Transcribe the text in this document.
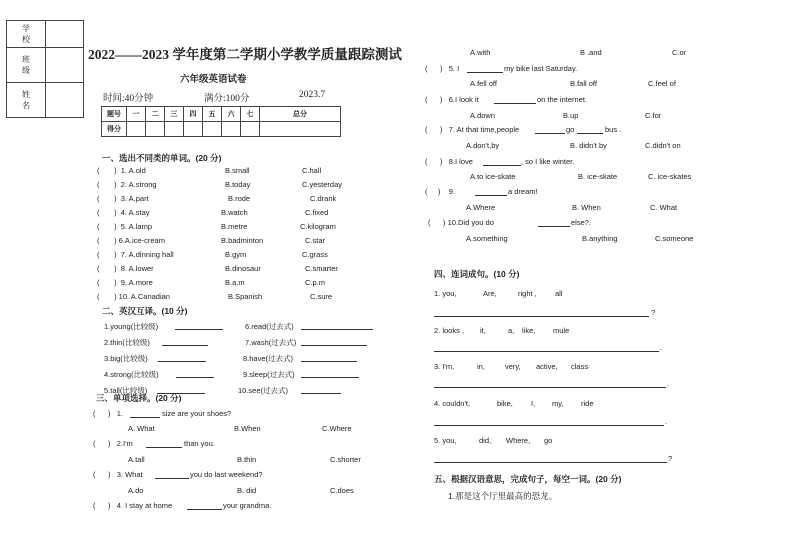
学 校	
班 级	
姓 名	
2022——2023 学年度第二学期小学教学质量跟踪测试
六年级英语试卷
时间:40分钟	满分:100分	2023.7
题号	一	二	三	四	五	六	七	总分
得分								
一、选出不同类的单词。(20 分)
(       )  1. A.old	B.small	C.hall
(       )  2. A.strong	B.today	C.yesterday
(       )  3. A.part	B.rode	C.drank
(       )  4. A.stay	B.watch	C.fixed
(       )  5. A.lamp	B.metre	C.kilogram
(       ) 6.A.ice-cream	B.badminton	C.star
(       )  7. A.dinning hall	B.gym	C.grass
(       )  8. A.lower	B.dinosaur	C.smarter
(       )  9. A.more	B.a.m	C.p.m
(       ) 10. A.Canadian	B.Spanish	C.sure
二、英汉互译。(10 分)
1.young(比较级)
2.thin(比较级)
3.big(比较级)
4.strong(比较级)
5.tall(比较级)
6.read(过去式)
7.wash(过去式)
8.have(过去式)
9.sleep(过去式)
10.see(过去式)
三、单项选择。(20 分)
(      )   1.	size are your shoes?
A. What	B.When	C.Where
(      )   2.I'm	than you.
A.tall	B.thin	C.shorter
(      )   3. What	you do last weekend?
A.do	B. did	C.does
(      )   4. I stay at home	your grandma.
A.with	B .and	C.or
(      )   5. I	my bike last Saturday.
A.fell off	B.fall off	C.feel of
(      )   6.I look it	on the internet.
A.down	B.up	C.for
(      )   7. At that time,people	go	bus .
A.don't,by	B. didn't by	C.didn't on
(      )   8.I love	, so I like winter.
A.to ice-skate	B. ice-skate	C. ice-skates
(     )    9.	a dream!
A.Where	B. When	C. What
(      ) 10.Did you do	else?.
A.something	B.anything	C.someone
四、连词成句。(10 分)
1. you,	Are,	right , all
?
2. looks , it,	a, like, mule
.
3. I'm,	in,	very, active, class
.
4. couldn't,	bike, I, my, ride
.
5. you,	did, Where, go
?
五、根据汉语意思，完成句子，每空一词。(20 分)
1.那是这个厅里最高的恐龙。
